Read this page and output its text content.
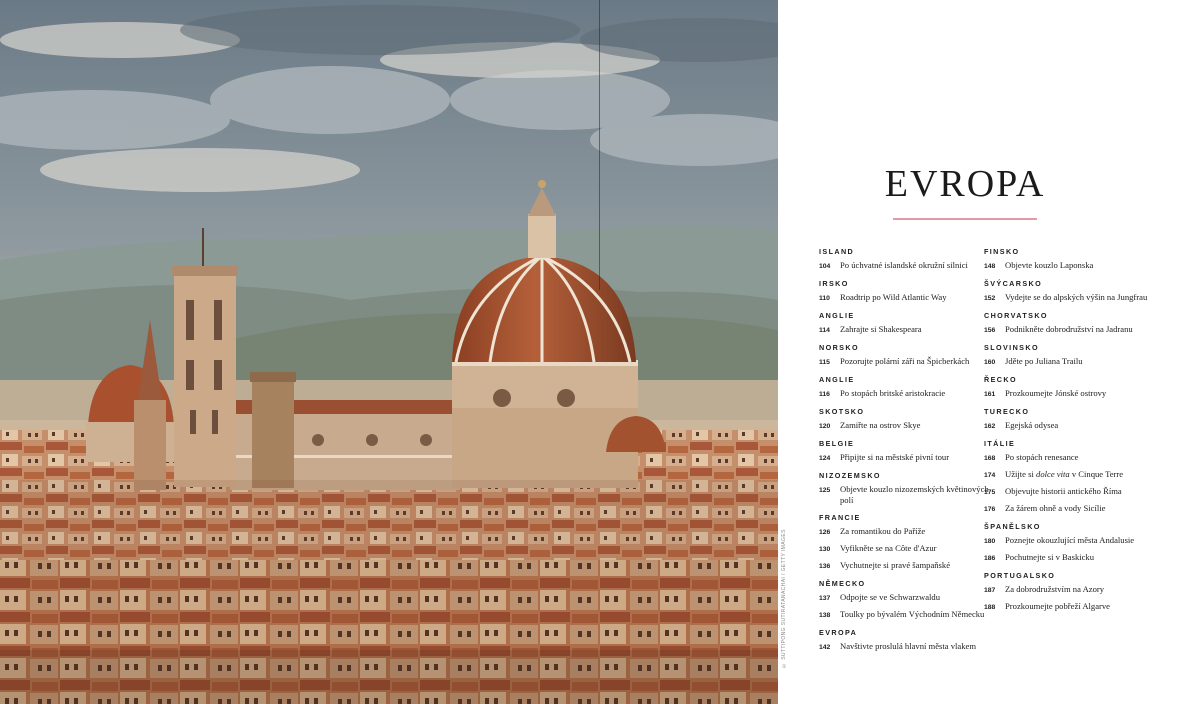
© SUTTIPONG SUTIRATANACHAI / GETTY IMAGES
EVROPA
ISLAND
104	Po úchvatné islandské okružní silnici
IRSKO
110	Roadtrip po Wild Atlantic Way
ANGLIE
114	Zahrajte si Shakespeara
NORSKO
115	Pozorujte polární záři na Špicberkách
ANGLIE
116	Po stopách britské aristokracie
SKOTSKO
120	Zamiřte na ostrov Skye
BELGIE
124	Připijte si na městské pivní tour
NIZOZEMSKO
125	Objevte kouzlo nizozemských květinových polí
FRANCIE
126	Za romantikou do Paříže
130	Vyfikněte se na Côte d'Azur
136	Vychutnejte si pravé šampaňské
NĚMECKO
137	Odpojte se ve Schwarzwaldu
138	Toulky po bývalém Východním Německu
EVROPA
142	Navštivte proslulá hlavní města vlakem
FINSKO
148	Objevte kouzlo Laponska
ŠVÝCARSKO
152	Vydejte se do alpských výšin na Jungfrau
CHORVATSKO
156	Podnikněte dobrodružství na Jadranu
SLOVINSKO
160	Jděte po Juliana Trailu
ŘECKO
161	Prozkoumejte Jónské ostrovy
TURECKO
162	Egejská odysea
ITÁLIE
168	Po stopách renesance
174	Užijte si dolce vita v Cinque Terre
175	Objevujte historii antického Říma
176	Za žárem ohně a vody Sicílie
ŠPANĚLSKO
180	Poznejte okouzlující města Andalusie
186	Pochutnejte si v Baskicku
PORTUGALSKO
187	Za dobrodružstvím na Azory
188	Prozkoumejte pobřeží Algarve
